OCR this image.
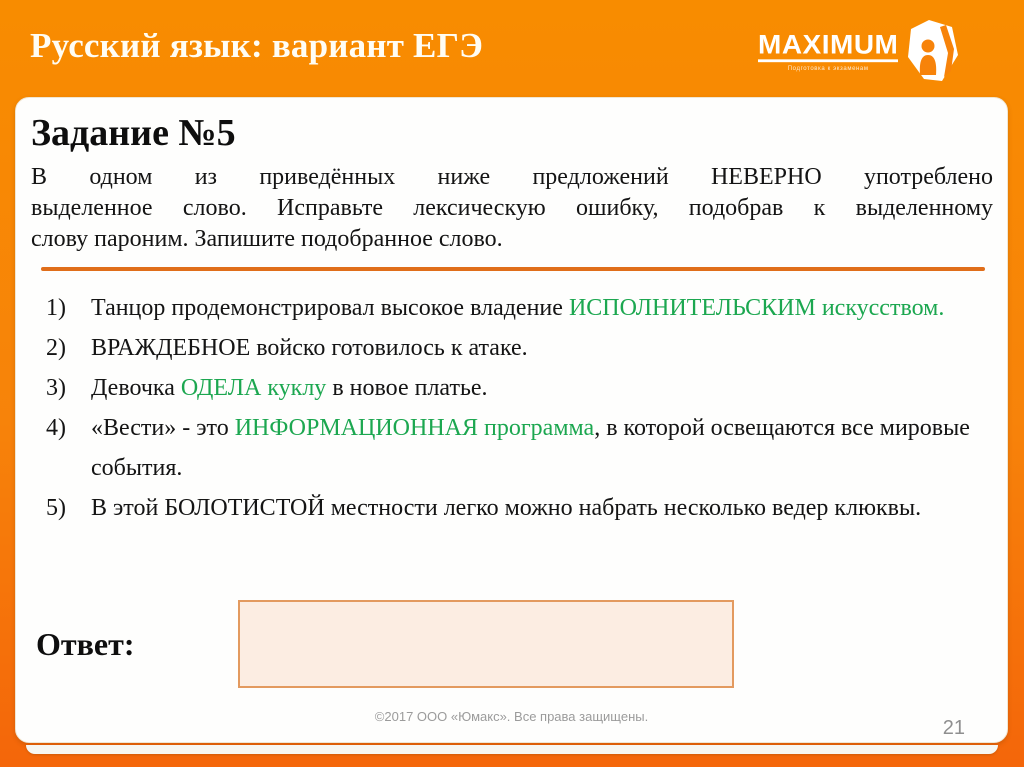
Русский язык: вариант ЕГЭ	MAXIMUM
Подготовка к экзаменам
Задание №5
В одном из приведённых ниже предложений НЕВЕРНО употреблено
выделенное слово. Исправьте лексическую ошибку, подобрав к выделенному
слову пароним. Запишите подобранное слово.
1)	Танцор продемонстрировал высокое владение ИСПОЛНИТЕЛЬСКИМ искусством.
2)	ВРАЖДЕБНОЕ войско готовилось к атаке.
3)	Девочка ОДЕЛА куклу в новое платье.
4)	«Вести» - это ИНФОРМАЦИОННАЯ программа, в которой освещаются все мировые события.
5)	В этой БОЛОТИСТОЙ местности легко можно набрать несколько ведер клюквы.
Ответ:
©2017 ООО «Юмакс». Все права защищены.
21
